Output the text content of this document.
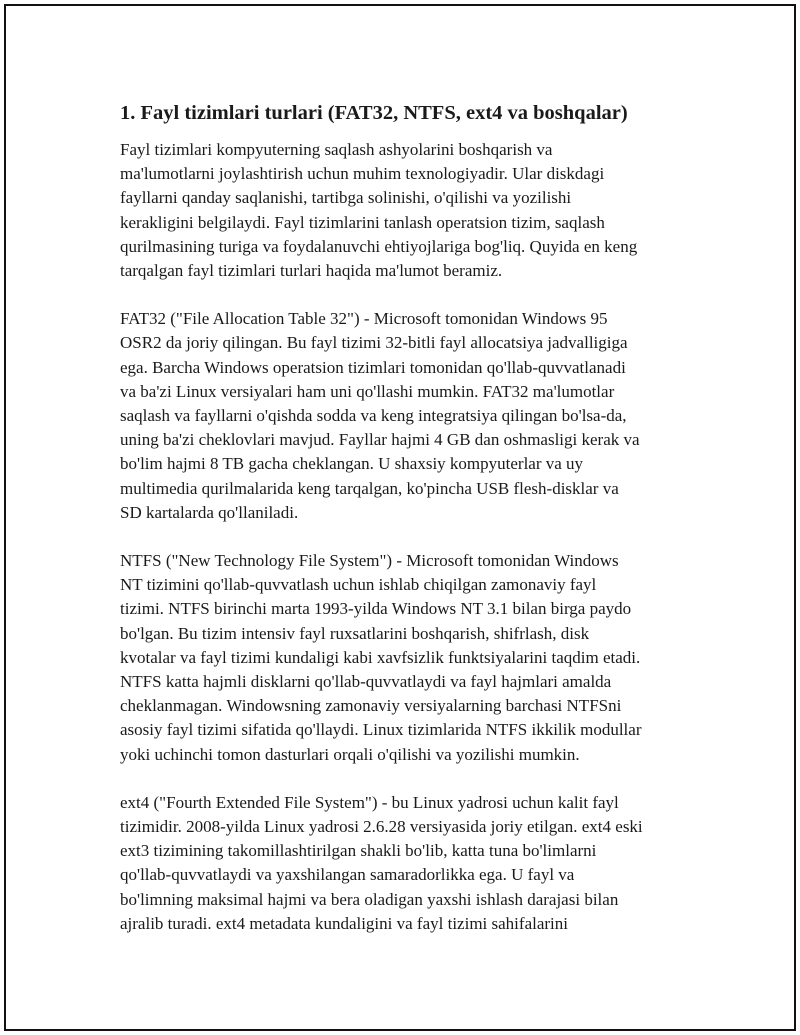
1. Fayl tizimlari turlari (FAT32, NTFS, ext4 va boshqalar)

Fayl tizimlari kompyuterning saqlash ashyolarini boshqarish va
ma'lumotlarni joylashtirish uchun muhim texnologiyadir. Ular diskdagi
fayllarni qanday saqlanishi, tartibga solinishi, o'qilishi va yozilishi
kerakligini belgilaydi. Fayl tizimlarini tanlash operatsion tizim, saqlash
qurilmasining turiga va foydalanuvchi ehtiyojlariga bog'liq. Quyida en keng
tarqalgan fayl tizimlari turlari haqida ma'lumot beramiz.

FAT32 ("File Allocation Table 32") - Microsoft tomonidan Windows 95
OSR2 da joriy qilingan. Bu fayl tizimi 32-bitli fayl allocatsiya jadvalligiga
ega. Barcha Windows operatsion tizimlari tomonidan qo'llab-quvvatlanadi
va ba'zi Linux versiyalari ham uni qo'llashi mumkin. FAT32 ma'lumotlar
saqlash va fayllarni o'qishda sodda va keng integratsiya qilingan bo'lsa-da,
uning ba'zi cheklovlari mavjud. Fayllar hajmi 4 GB dan oshmasligi kerak va
bo'lim hajmi 8 TB gacha cheklangan. U shaxsiy kompyuterlar va uy
multimedia qurilmalarida keng tarqalgan, ko'pincha USB flesh-disklar va
SD kartalarda qo'llaniladi.

NTFS ("New Technology File System") - Microsoft tomonidan Windows
NT tizimini qo'llab-quvvatlash uchun ishlab chiqilgan zamonaviy fayl
tizimi. NTFS birinchi marta 1993-yilda Windows NT 3.1 bilan birga paydo
bo'lgan. Bu tizim intensiv fayl ruxsatlarini boshqarish, shifrlash, disk
kvotalar va fayl tizimi kundaligi kabi xavfsizlik funktsiyalarini taqdim etadi.
NTFS katta hajmli disklarni qo'llab-quvvatlaydi va fayl hajmlari amalda
cheklanmagan. Windowsning zamonaviy versiyalarning barchasi NTFSni
asosiy fayl tizimi sifatida qo'llaydi. Linux tizimlarida NTFS ikkilik modullar
yoki uchinchi tomon dasturlari orqali o'qilishi va yozilishi mumkin.

ext4 ("Fourth Extended File System") - bu Linux yadrosi uchun kalit fayl
tizimidir. 2008-yilda Linux yadrosi 2.6.28 versiyasida joriy etilgan. ext4 eski
ext3 tizimining takomillashtirilgan shakli bo'lib, katta tuna bo'limlarni
qo'llab-quvvatlaydi va yaxshilangan samaradorlikka ega. U fayl va
bo'limning maksimal hajmi va bera oladigan yaxshi ishlash darajasi bilan
ajralib turadi. ext4 metadata kundaligini va fayl tizimi sahifalarini
